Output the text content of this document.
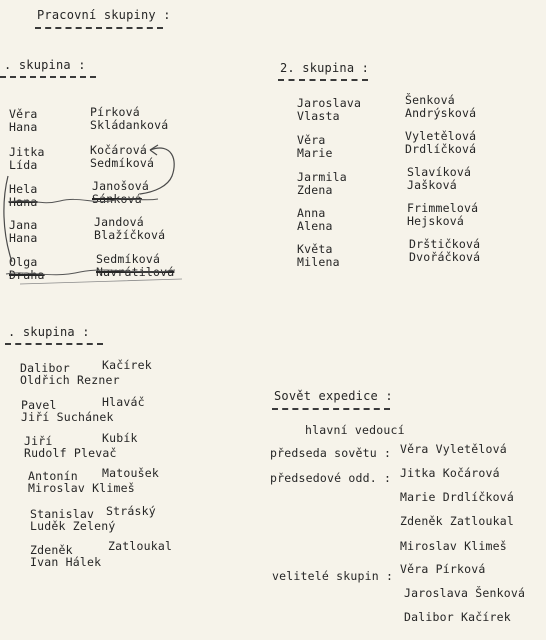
Pracovní skupiny :
. skupina :
Věra	Pírková
Hana	Skládanková
Jitka	Kočárová
Lída	Sedmíková
Hela	Janošová
Hana	Sánková
Jana	Jandová
Hana	Blažíčková
Olga	Sedmíková
Draha	Navrátilová
2. skupina :
Jaroslava	Šenková
Vlasta	Andrýsková
Věra	Vyletělová
Marie	Drdlíčková
Jarmila	Slavíková
Zdena	Jašková
Anna	Frimmelová
Alena	Hejsková
Květa	Drštičková
Milena	Dvořáčková
. skupina :
Dalibor	Kačírek
Oldřich Rezner
Pavel	Hlaváč
Jiří Suchánek
Jiří	Kubík
Rudolf Plevač
Antonín Matoušek
Miroslav Klimeš
Stanislav Stráský
Luděk Zelený
Zdeněk	Zatloukal
Ivan Hálek
Sovět expedice :
hlavní vedoucí
předseda sovětu : Věra Vyletělová
předsedové odd. : Jitka Kočárová
Marie Drdlíčková
Zdeněk Zatloukal
Miroslav Klimeš
velitelé skupin : Věra Pírková
Jaroslava Šenková
Dalibor Kačírek
